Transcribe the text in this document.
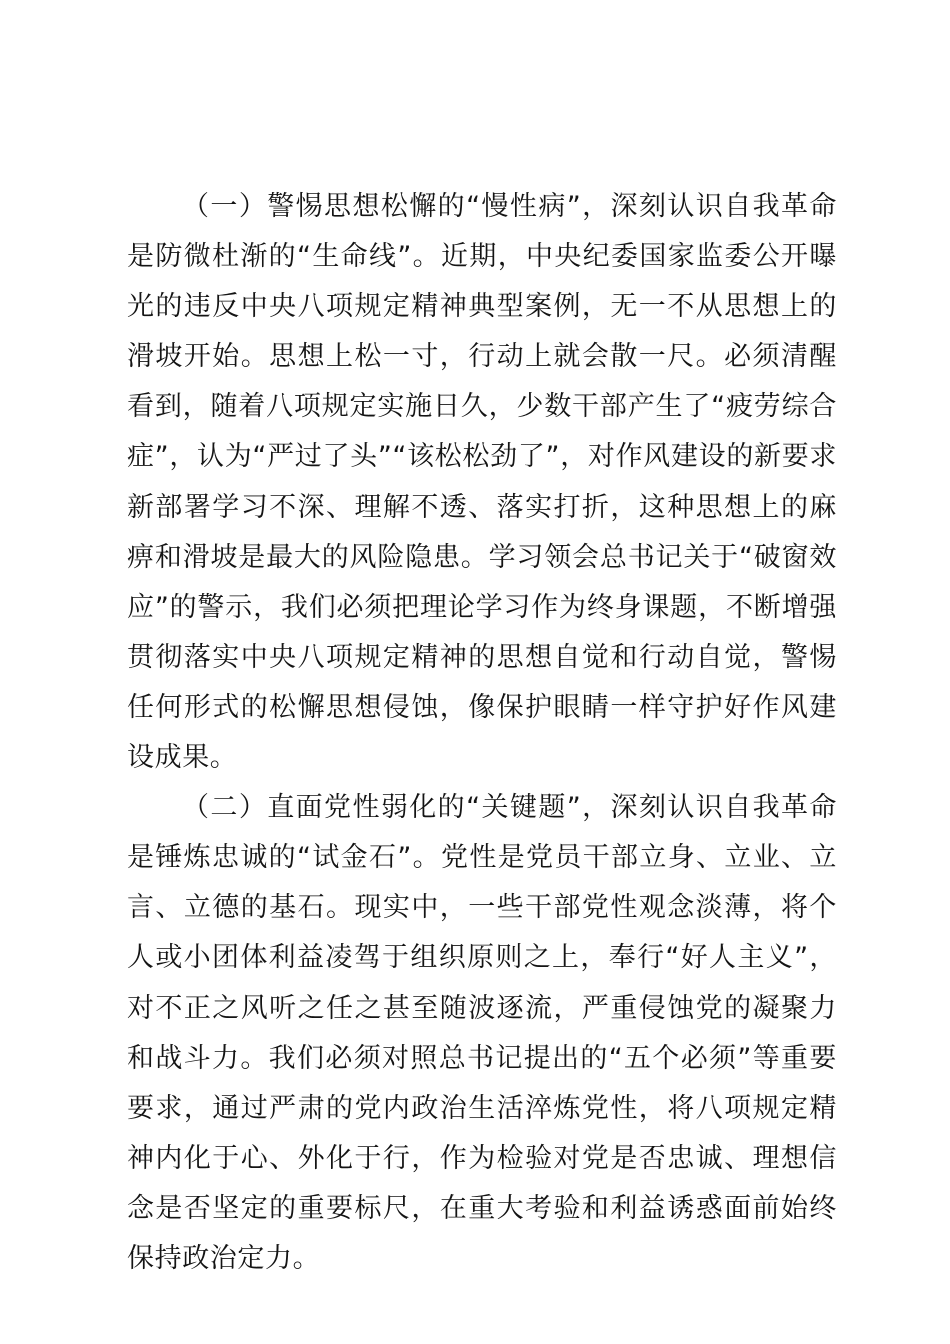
（一）警惕思想松懈的“慢性病”，深刻认识自我革命是防微杜渐的“生命线”。近期，中央纪委国家监委公开曝光的违反中央八项规定精神典型案例，无一不从思想上的滑坡开始。思想上松一寸，行动上就会散一尺。必须清醒看到，随着八项规定实施日久，少数干部产生了“疲劳综合症”，认为“严过了头”“该松松劲了”，对作风建设的新要求新部署学习不深、理解不透、落实打折，这种思想上的麻痹和滑坡是最大的风险隐患。学习领会总书记关于“破窗效应”的警示，我们必须把理论学习作为终身课题，不断增强贯彻落实中央八项规定精神的思想自觉和行动自觉，警惕任何形式的松懈思想侵蚀，像保护眼睛一样守护好作风建设成果。

（二）直面党性弱化的“关键题”，深刻认识自我革命是锤炼忠诚的“试金石”。党性是党员干部立身、立业、立言、立德的基石。现实中，一些干部党性观念淡薄，将个人或小团体利益凌驾于组织原则之上，奉行“好人主义”，对不正之风听之任之甚至随波逐流，严重侵蚀党的凝聚力和战斗力。我们必须对照总书记提出的“五个必须”等重要要求，通过严肃的党内政治生活淬炼党性，将八项规定精神内化于心、外化于行，作为检验对党是否忠诚、理想信念是否坚定的重要标尺，在重大考验和利益诱惑面前始终保持政治定力。
